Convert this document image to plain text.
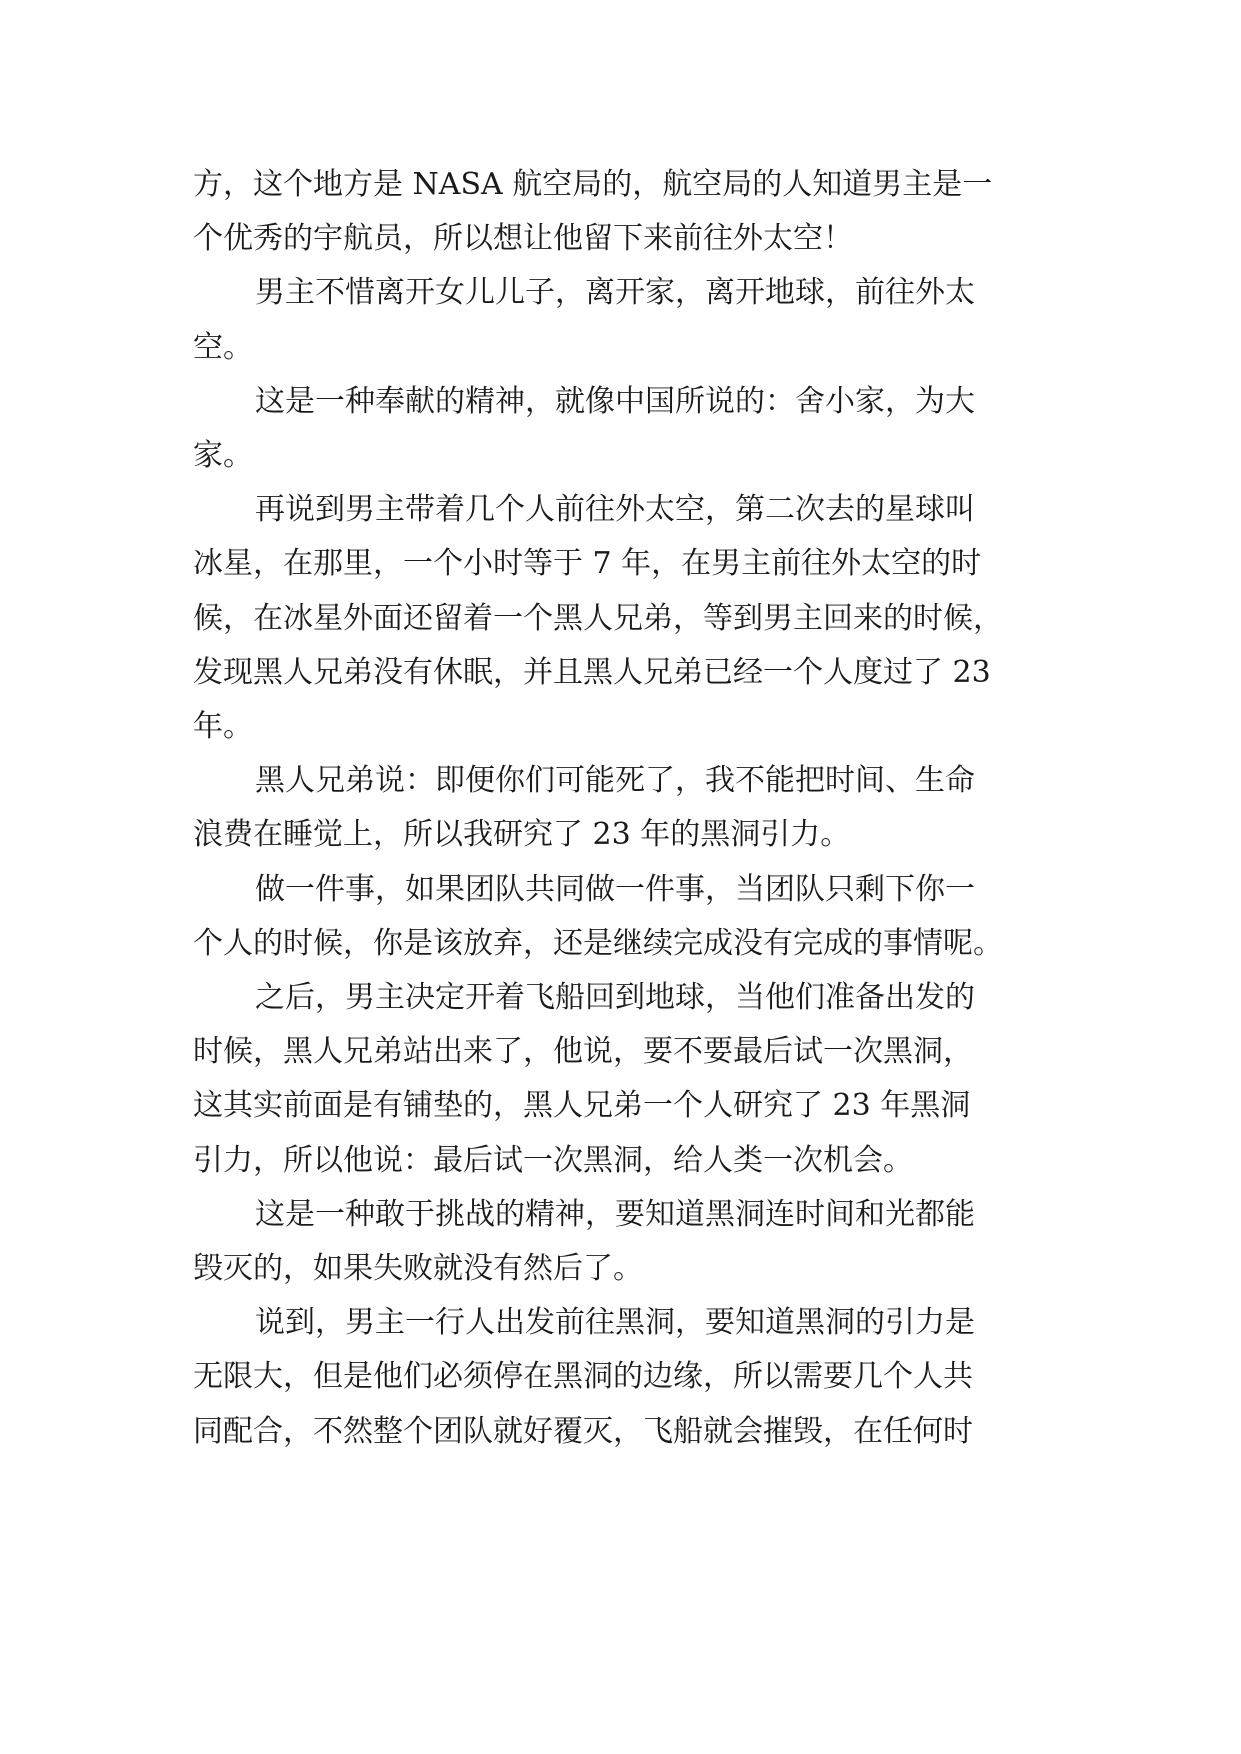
方，这个地方是 NASA 航空局的，航空局的人知道男主是一
个优秀的宇航员，所以想让他留下来前往外太空！
男主不惜离开女儿儿子，离开家，离开地球，前往外太
空。
这是一种奉献的精神，就像中国所说的：舍小家，为大
家。
再说到男主带着几个人前往外太空，第二次去的星球叫
冰星，在那里，一个小时等于 7 年，在男主前往外太空的时
候，在冰星外面还留着一个黑人兄弟，等到男主回来的时候，
发现黑人兄弟没有休眠，并且黑人兄弟已经一个人度过了 23
年。
黑人兄弟说：即便你们可能死了，我不能把时间、生命
浪费在睡觉上，所以我研究了 23 年的黑洞引力。
做一件事，如果团队共同做一件事，当团队只剩下你一
个人的时候，你是该放弃，还是继续完成没有完成的事情呢。
之后，男主决定开着飞船回到地球，当他们准备出发的
时候，黑人兄弟站出来了，他说，要不要最后试一次黑洞，
这其实前面是有铺垫的，黑人兄弟一个人研究了 23 年黑洞
引力，所以他说：最后试一次黑洞，给人类一次机会。
这是一种敢于挑战的精神，要知道黑洞连时间和光都能
毁灭的，如果失败就没有然后了。
说到，男主一行人出发前往黑洞，要知道黑洞的引力是
无限大，但是他们必须停在黑洞的边缘，所以需要几个人共
同配合，不然整个团队就好覆灭，飞船就会摧毁，在任何时
